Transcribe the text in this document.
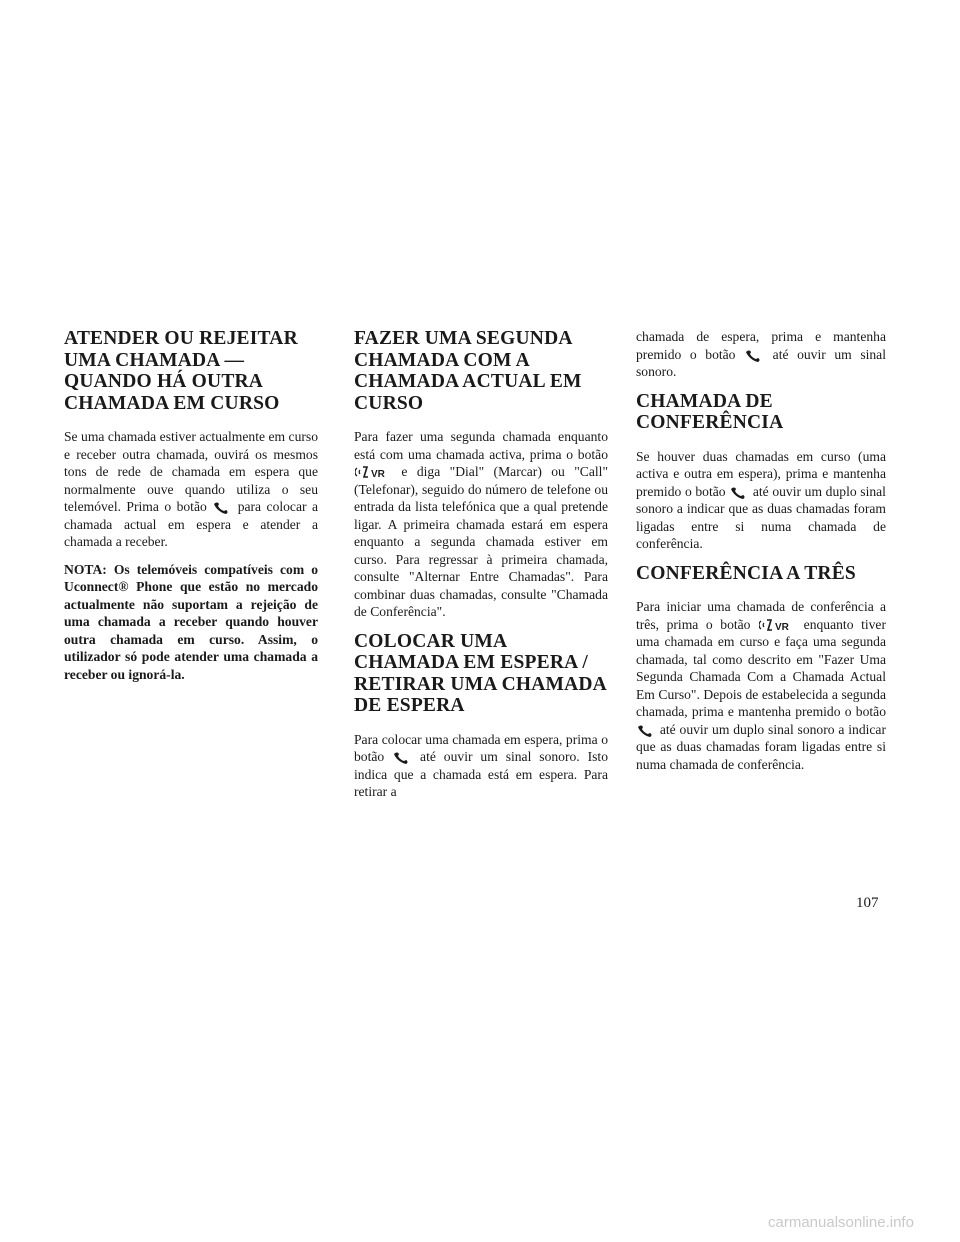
ATENDER OU REJEITAR UMA CHAMADA — QUANDO HÁ OUTRA CHAMADA EM CURSO

Se uma chamada estiver actualmente em curso e receber outra chamada, ouvirá os mesmos tons de rede de chamada em espera que normalmente ouve quando utiliza o seu telemóvel. Prima o botão para colocar a chamada actual em espera e atender a chamada a receber.

NOTA: Os telemóveis compatíveis com o Uconnect® Phone que estão no mercado actualmente não suportam a rejeição de uma chamada a receber quando houver outra chamada em curso. Assim, o utilizador só pode atender uma chamada a receber ou ignorá-la.

FAZER UMA SEGUNDA CHAMADA COM A CHAMADA ACTUAL EM CURSO

Para fazer uma segunda chamada enquanto está com uma chamada activa, prima o botão
VR e diga "Dial" (Marcar) ou "Call" (Telefonar), seguido do número de telefone ou entrada da lista telefónica que a qual pretende ligar. A primeira chamada estará em espera enquanto a segunda chamada estiver em curso. Para regressar à primeira chamada, consulte "Alternar Entre Chamadas". Para combinar duas chamadas, consulte "Chamada de Conferência".

COLOCAR UMA CHAMADA EM ESPERA / RETIRAR UMA CHAMADA DE ESPERA

Para colocar uma chamada em espera, prima o botão	até ouvir um sinal sonoro. Isto indica que a chamada está em espera. Para retirar a

chamada de espera, prima e mantenha premido o botão	até ouvir um sinal sonoro.

CHAMADA DE CONFERÊNCIA

Se houver duas chamadas em curso (uma activa e outra em espera), prima e mantenha premido o botão até ouvir um duplo sinal sonoro a indicar que as duas chamadas foram ligadas entre si numa chamada de conferência.

CONFERÊNCIA A TRÊS

Para iniciar uma chamada de conferência a três, prima o botão VR enquanto tiver uma chamada em curso e faça uma segunda chamada, tal como descrito em "Fazer Uma Segunda Chamada Com a Chamada Actual Em Curso". Depois de estabelecida a segunda chamada, prima e mantenha premido o botão
até ouvir um duplo sinal sonoro a indicar que as duas chamadas foram ligadas entre si numa chamada de conferência.

107
carmanualsonline.info
